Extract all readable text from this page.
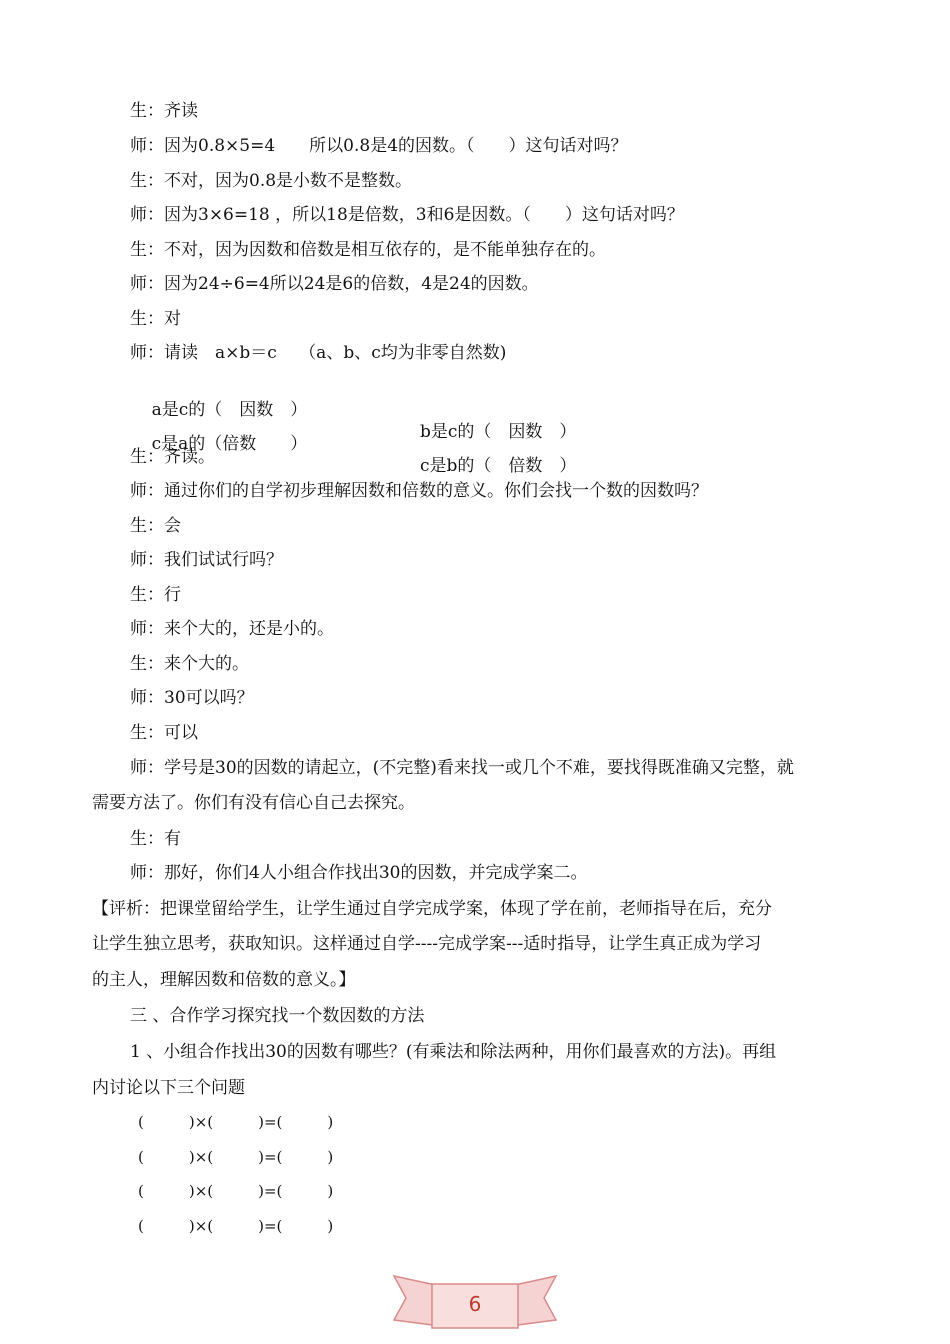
生：齐读
师：因为0.8×5=4　　所以0.8是4的因数。（　　）这句话对吗？
生：不对，因为0.8是小数不是整数。
师：因为3×6=18 ，所以18是倍数，3和6是因数。（　　）这句话对吗？
生：不对，因为因数和倍数是相互依存的，是不能单独存在的。
师：因为24÷6=4所以24是6的倍数，4是24的因数。
生：对
师：请读　a×b＝c　 （a、b、c均为非零自然数)

a是c的（　因数　）

b是c的（　因数　）

c是a的（倍数　　）

c是b的（　倍数　）

生：齐读。
师：通过你们的自学初步理解因数和倍数的意义。你们会找一个数的因数吗？
生：会
师：我们试试行吗？
生：行
师：来个大的，还是小的。
生：来个大的。
师：30可以吗？
生：可以
师：学号是30的因数的请起立，(不完整)看来找一或几个不难，要找得既准确又完整，就
需要方法了。你们有没有信心自己去探究。
生：有
师：那好，你们4人小组合作找出30的因数，并完成学案二。
【评析：把课堂留给学生，让学生通过自学完成学案，体现了学在前，老师指导在后，充分
让学生独立思考，获取知识。这样通过自学----完成学案---适时指导，让学生真正成为学习
的主人，理解因数和倍数的意义。】
三 、合作学习探究找一个数因数的方法
1 、小组合作找出30的因数有哪些？(有乘法和除法两种，用你们最喜欢的方法)。再组
内讨论以下三个问题
(　　　)×(　　　)=(　　　)
(　　　)×(　　　)=(　　　)
(　　　)×(　　　)=(　　　)
(　　　)×(　　　)=(　　　)
6
